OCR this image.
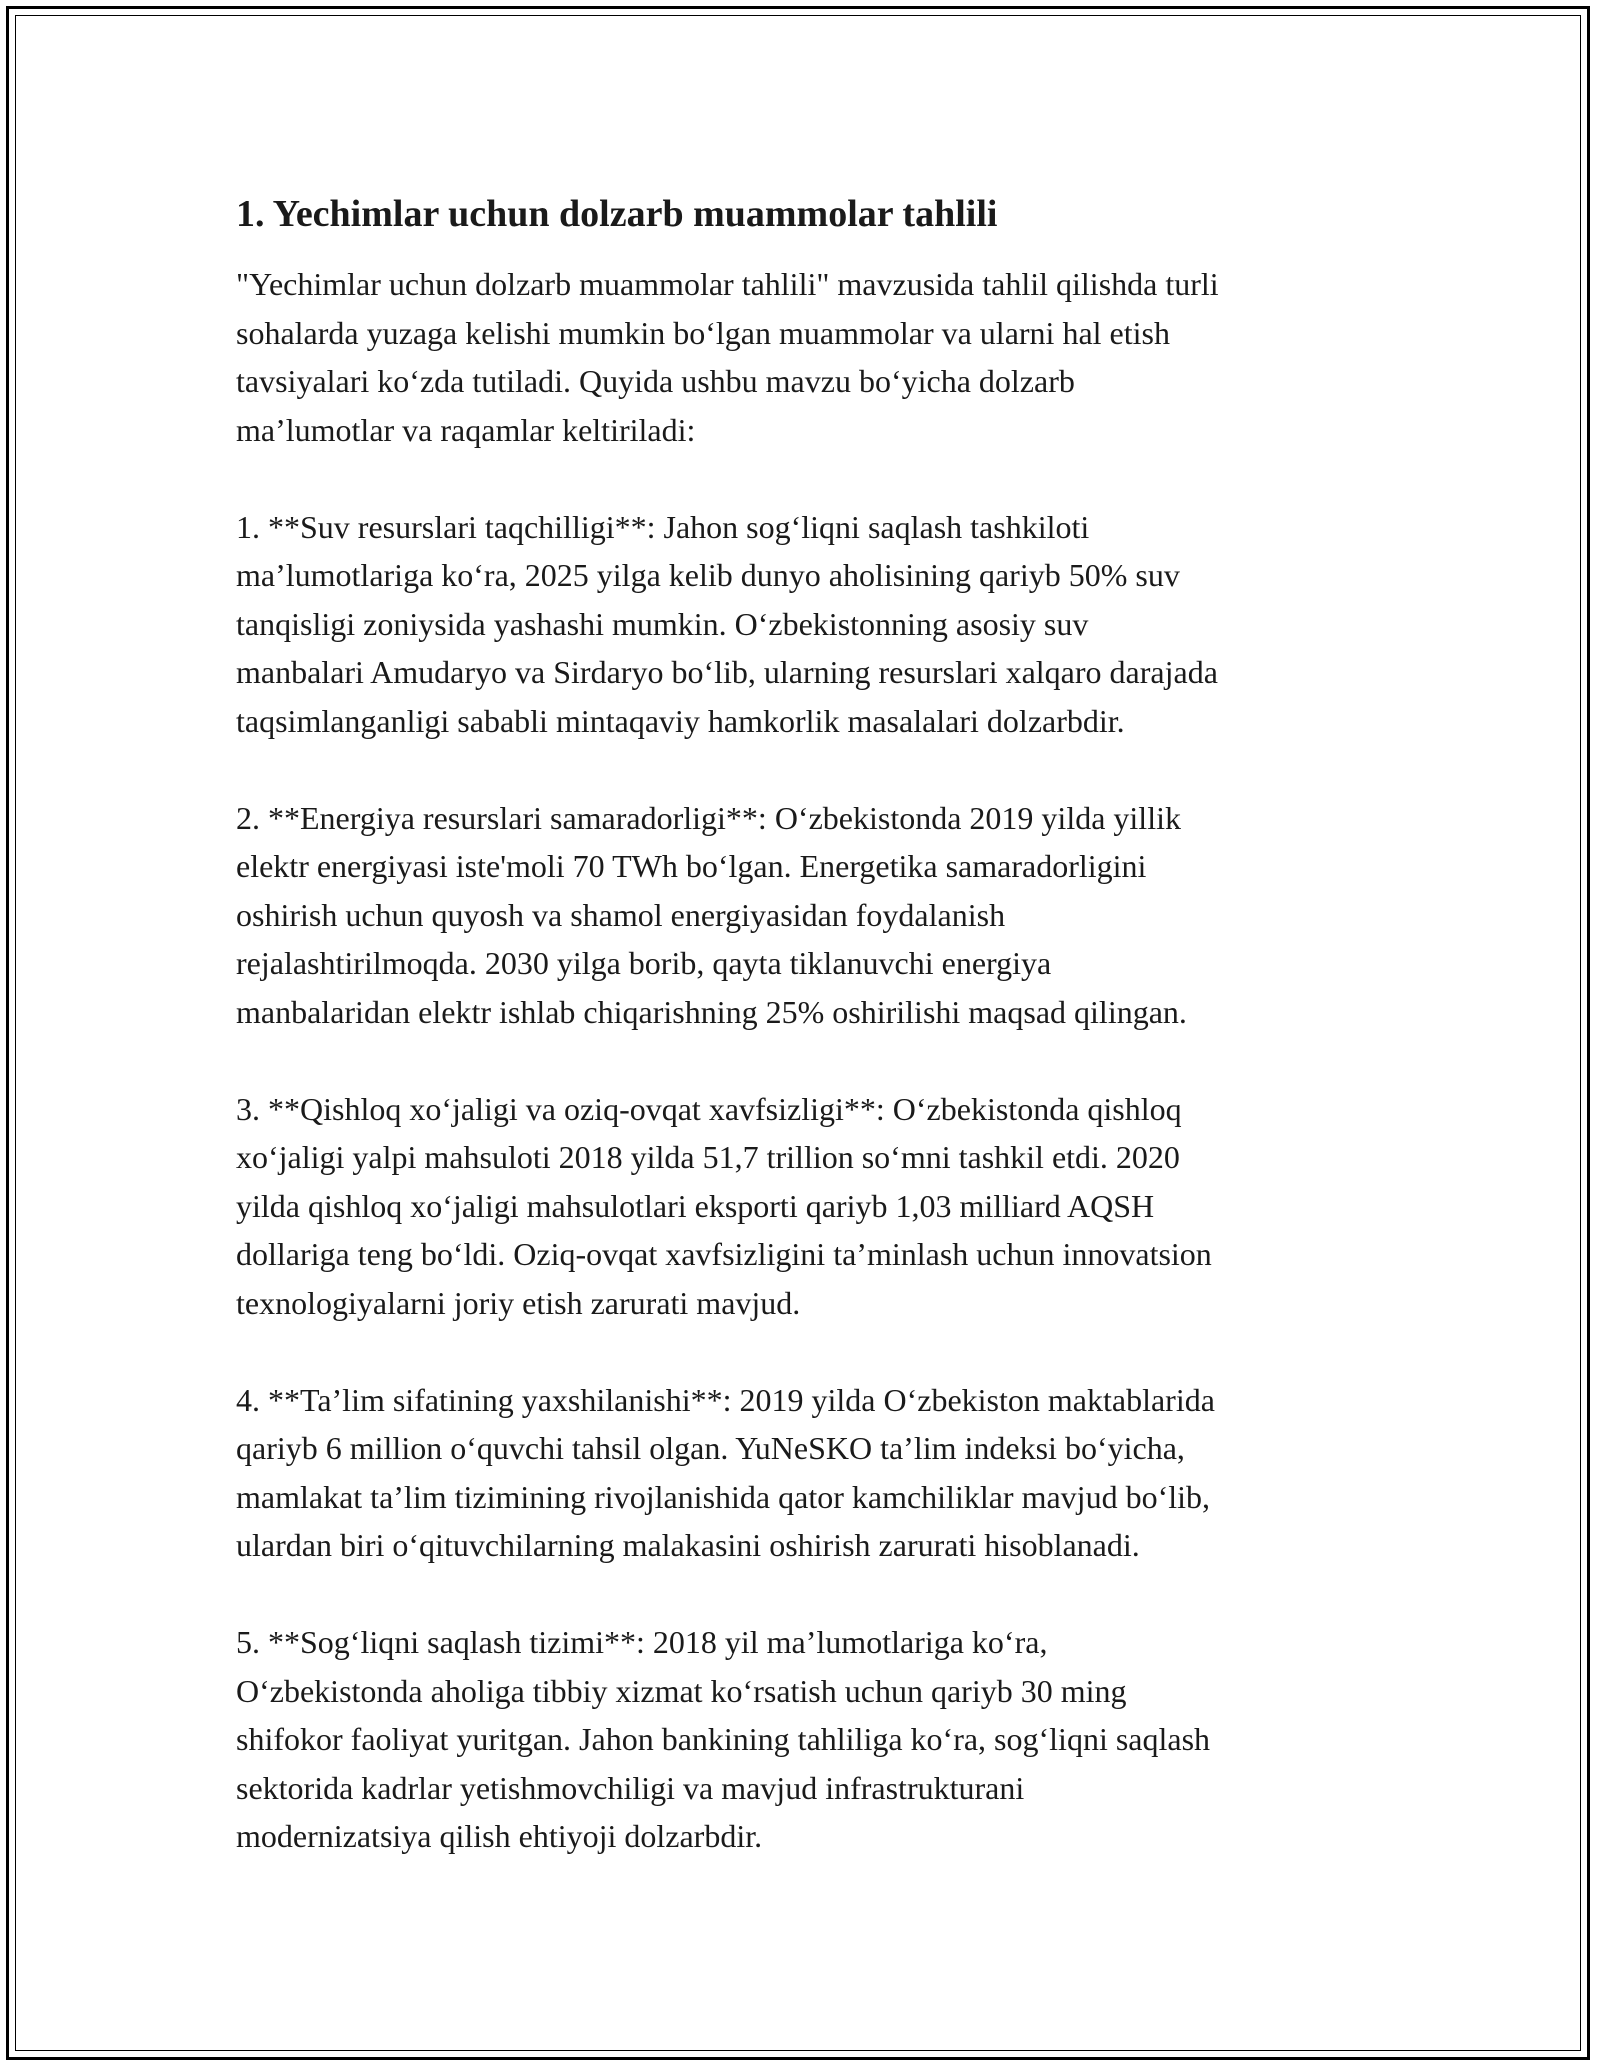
1. Yechimlar uchun dolzarb muammolar tahlili

"Yechimlar uchun dolzarb muammolar tahlili" mavzusida tahlil qilishda turli
sohalarda yuzaga kelishi mumkin bo‘lgan muammolar va ularni hal etish
tavsiyalari ko‘zda tutiladi. Quyida ushbu mavzu bo‘yicha dolzarb
ma’lumotlar va raqamlar keltiriladi:

1. **Suv resurslari taqchilligi**: Jahon sog‘liqni saqlash tashkiloti
ma’lumotlariga ko‘ra, 2025 yilga kelib dunyo aholisining qariyb 50% suv
tanqisligi zoniysida yashashi mumkin. O‘zbekistonning asosiy suv
manbalari Amudaryo va Sirdaryo bo‘lib, ularning resurslari xalqaro darajada
taqsimlanganligi sababli mintaqaviy hamkorlik masalalari dolzarbdir.

2. **Energiya resurslari samaradorligi**: O‘zbekistonda 2019 yilda yillik
elektr energiyasi iste'moli 70 TWh bo‘lgan. Energetika samaradorligini
oshirish uchun quyosh va shamol energiyasidan foydalanish
rejalashtirilmoqda. 2030 yilga borib, qayta tiklanuvchi energiya
manbalaridan elektr ishlab chiqarishning 25% oshirilishi maqsad qilingan.

3. **Qishloq xo‘jaligi va oziq-ovqat xavfsizligi**: O‘zbekistonda qishloq
xo‘jaligi yalpi mahsuloti 2018 yilda 51,7 trillion so‘mni tashkil etdi. 2020
yilda qishloq xo‘jaligi mahsulotlari eksporti qariyb 1,03 milliard AQSH
dollariga teng bo‘ldi. Oziq-ovqat xavfsizligini ta’minlash uchun innovatsion
texnologiyalarni joriy etish zarurati mavjud.

4. **Ta’lim sifatining yaxshilanishi**: 2019 yilda O‘zbekiston maktablarida
qariyb 6 million o‘quvchi tahsil olgan. YuNeSKO ta’lim indeksi bo‘yicha,
mamlakat ta’lim tizimining rivojlanishida qator kamchiliklar mavjud bo‘lib,
ulardan biri o‘qituvchilarning malakasini oshirish zarurati hisoblanadi.

5. **Sog‘liqni saqlash tizimi**: 2018 yil ma’lumotlariga ko‘ra,
O‘zbekistonda aholiga tibbiy xizmat ko‘rsatish uchun qariyb 30 ming
shifokor faoliyat yuritgan. Jahon bankining tahliliga ko‘ra, sog‘liqni saqlash
sektorida kadrlar yetishmovchiligi va mavjud infrastrukturani
modernizatsiya qilish ehtiyoji dolzarbdir.
